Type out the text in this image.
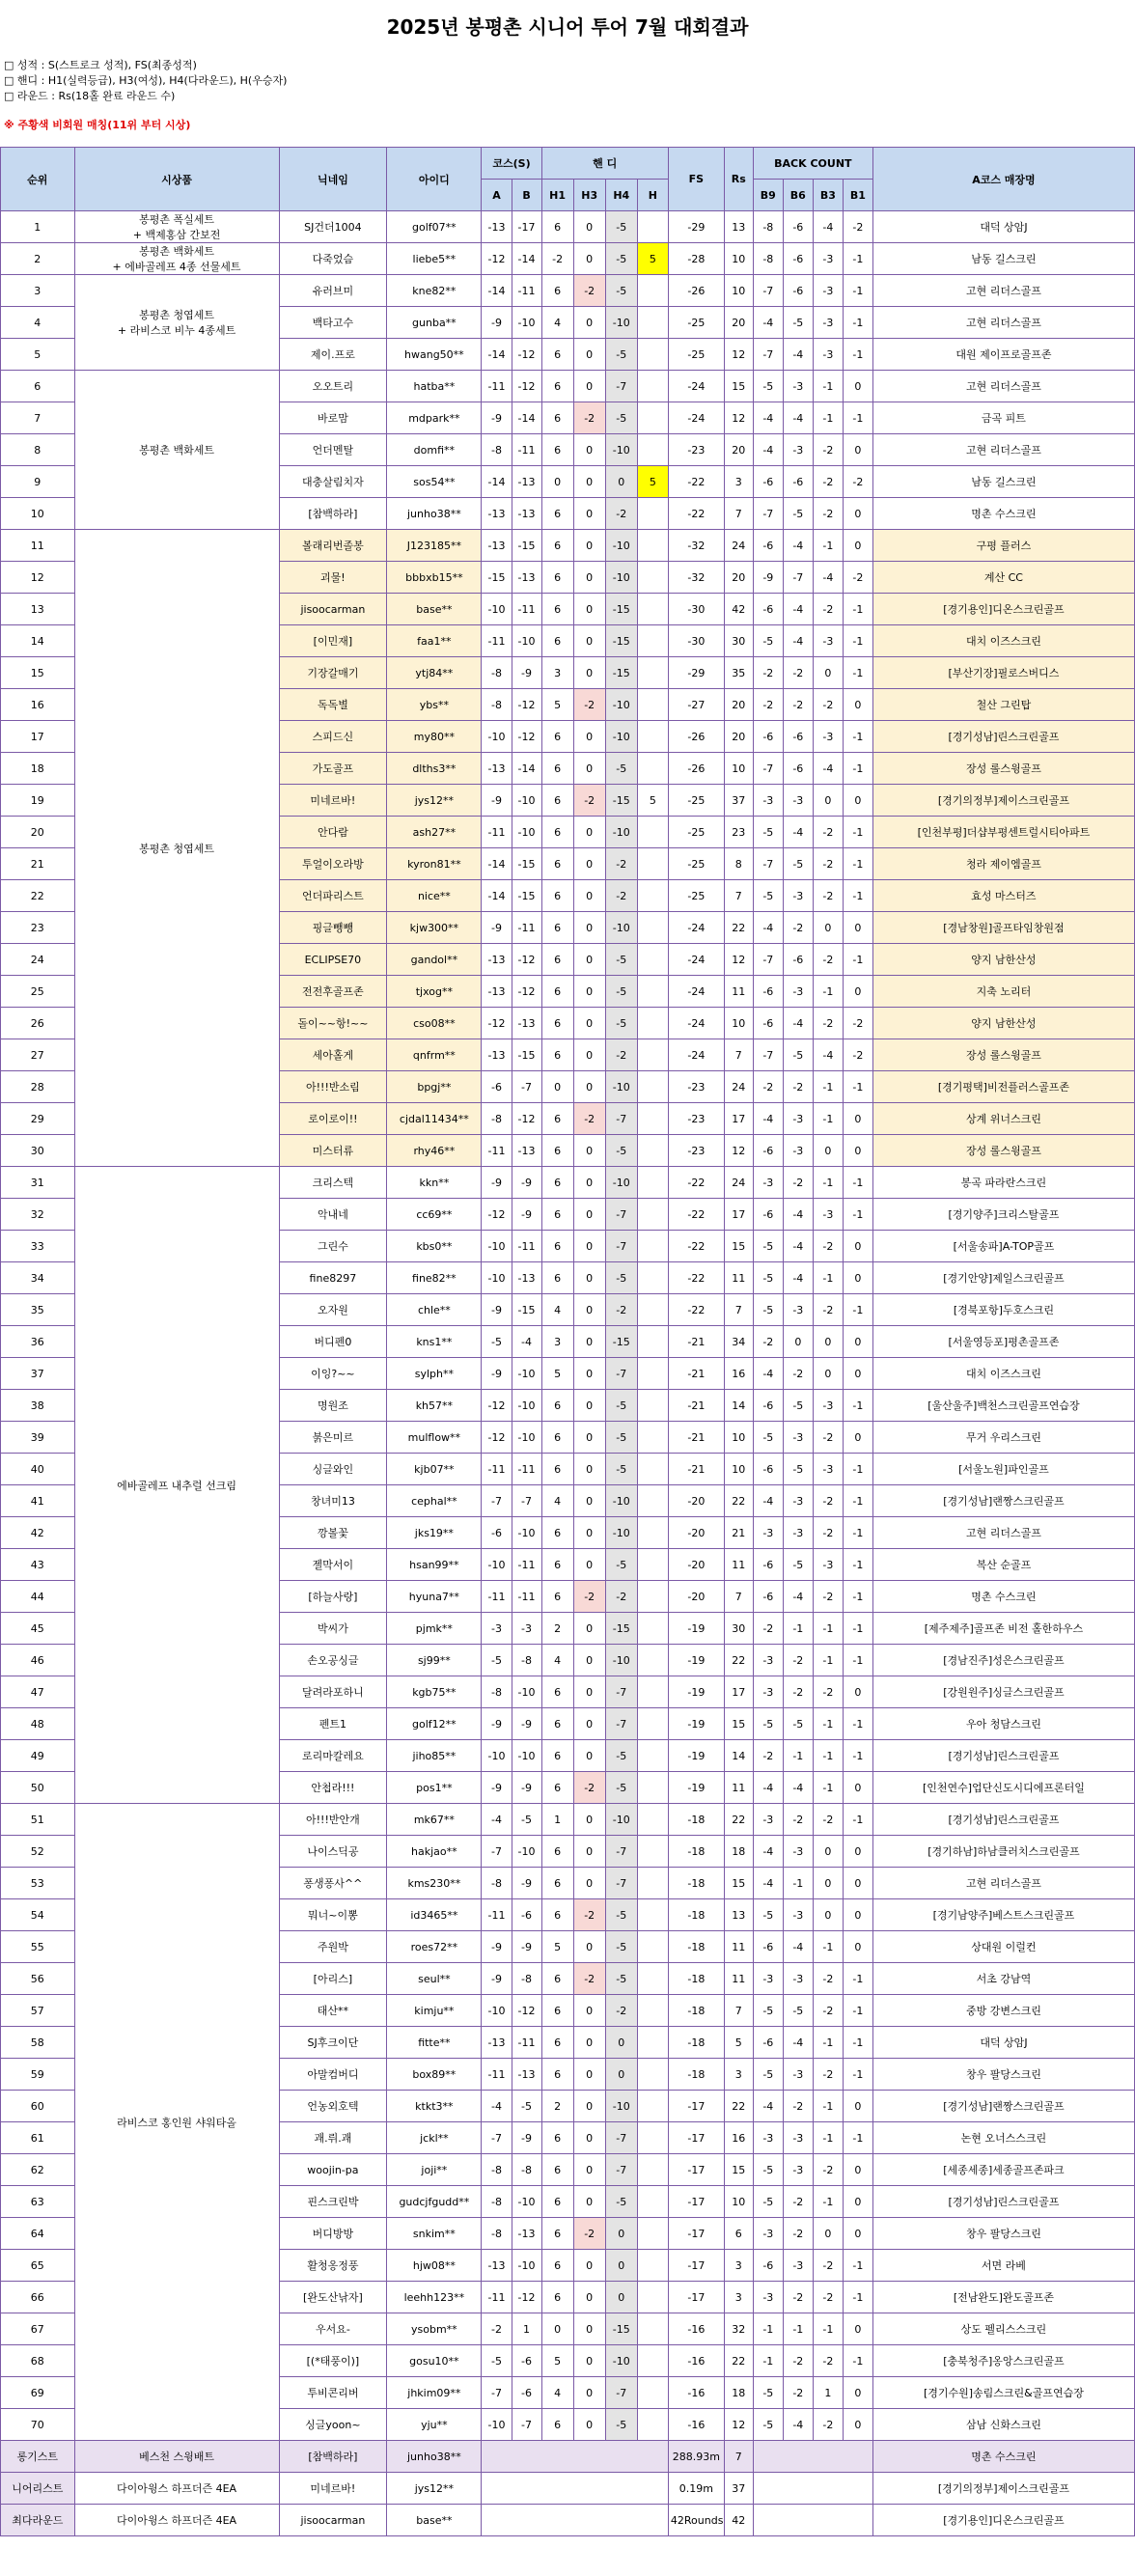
2025년 봉평촌 시니어 투어 7월 대회결과
□ 성적 : S(스트로크 성적), FS(최종성적)
□ 핸디 : H1(실력등급), H3(여성), H4(다라운드), H(우승자)
□ 라운드 : Rs(18홀 완료 라운드 수)
※ 주황색 비회원 매칭(11위 부터 시상)
순위	시상품	닉네임	아이디	코스(S)		핸 디				FS	Rs	BACK COUNT				A코스 매장명
				A	B	H1	H3	H4	H			B9	B6	B3	B1	
1	봉평촌 폭실세트
+ 백제홍삼 간보전	SJ건더1004	golf07**	-13	-17	6	0	-5		-29	13	-8	-6	-4	-2	대덕 상암J
2	봉평촌 백화세트
+ 에바골레프 4종 선물세트	다죽었슴	liebe5**	-12	-14	-2	0	-5	5	-28	10	-8	-6	-3	-1	남동 길스크린
3	봉평촌 청엽세트
+ 라비스코 비누 4종세트	유러브미	kne82**	-14	-11	6	-2	-5		-26	10	-7	-6	-3	-1	고현 리더스골프
4		백타고수	gunba**	-9	-10	4	0	-10		-25	20	-4	-5	-3	-1	고현 리더스골프
5		제이.프로	hwang50**	-14	-12	6	0	-5		-25	12	-7	-4	-3	-1	대원 제이프로골프존
6	봉평촌 백화세트	오오트리	hatba**	-11	-12	6	0	-7		-24	15	-5	-3	-1	0	고현 리더스골프
7		바로맘	mdpark**	-9	-14	6	-2	-5		-24	12	-4	-4	-1	-1	금곡 피트
8		언더멘탈	domfi**	-8	-11	6	0	-10		-23	20	-4	-3	-2	0	고현 리더스골프
9		대충살림치자	sos54**	-14	-13	0	0	0	5	-22	3	-6	-6	-2	-2	남동 길스크린
10		[참백하라]	junho38**	-13	-13	6	0	-2		-22	7	-7	-5	-2	0	명촌 수스크린
11	봉평촌 청엽세트	볼래리번졸봉	J123185**	-13	-15	6	0	-10		-32	24	-6	-4	-1	0	구평 플러스
12		괴물!	bbbxb15**	-15	-13	6	0	-10		-32	20	-9	-7	-4	-2	계산 CC
13		jisoocarman	base**	-10	-11	6	0	-15		-30	42	-6	-4	-2	-1	[경기용인]디온스크린골프
14		[이민재]	faa1**	-11	-10	6	0	-15		-30	30	-5	-4	-3	-1	대치 이즈스크린
15		기장갈매기	ytj84**	-8	-9	3	0	-15		-29	35	-2	-2	0	-1	[부산기장]필로스버디스
16		독독별	ybs**	-8	-12	5	-2	-10		-27	20	-2	-2	-2	0	철산 그린탑
17		스피드신	my80**	-10	-12	6	0	-10		-26	20	-6	-6	-3	-1	[경기성남]린스크린골프
18		가도골프	dlths3**	-13	-14	6	0	-5		-26	10	-7	-6	-4	-1	장성 롤스윙골프
19		미네르바!	jys12**	-9	-10	6	-2	-15	5	-25	37	-3	-3	0	0	[경기의정부]제이스크린골프
20		안다람	ash27**	-11	-10	6	0	-10		-25	23	-5	-4	-2	-1	[인천부평]더샵부평센트럴시티아파트
21		투얼이오라방	kyron81**	-14	-15	6	0	-2		-25	8	-7	-5	-2	-1	청라 제이엠골프
22		언더파리스트	nice**	-14	-15	6	0	-2		-25	7	-5	-3	-2	-1	효성 마스터즈
23		핑글뺑뺑	kjw300**	-9	-11	6	0	-10		-24	22	-4	-2	0	0	[경남창원]골프타임창원점
24		ECLIPSE70	gandol**	-13	-12	6	0	-5		-24	12	-7	-6	-2	-1	양지 남한산성
25		전전후골프존	tjxog**	-13	-12	6	0	-5		-24	11	-6	-3	-1	0	지축 노리터
26		돌이~~항!~~	cso08**	-12	-13	6	0	-5		-24	10	-6	-4	-2	-2	양지 남한산성
27		세아홀게	qnfrm**	-13	-15	6	0	-2		-24	7	-7	-5	-4	-2	장성 롤스윙골프
28		아!!!반소림	bpgj**	-6	-7	0	0	-10		-23	24	-2	-2	-1	-1	[경기평택]비전플러스골프존
29		로이로이!!	cjdal11434**	-8	-12	6	-2	-7		-23	17	-4	-3	-1	0	상계 위너스크린
30		미스터류	rhy46**	-11	-13	6	0	-5		-23	12	-6	-3	0	0	장성 롤스윙골프
31	에바골레프 내추럴 선크림	크리스텍	kkn**	-9	-9	6	0	-10		-22	24	-3	-2	-1	-1	봉곡 파라란스크린
32		악내네	cc69**	-12	-9	6	0	-7		-22	17	-6	-4	-3	-1	[경기양주]크리스탈골프
33		그린수	kbs0**	-10	-11	6	0	-7		-22	15	-5	-4	-2	0	[서울송파]A-TOP골프
34		fine8297	fine82**	-10	-13	6	0	-5		-22	11	-5	-4	-1	0	[경기안양]제일스크린골프
35		오자원	chle**	-9	-15	4	0	-2		-22	7	-5	-3	-2	-1	[경북포항]두호스크린
36		버디펜0	kns1**	-5	-4	3	0	-15		-21	34	-2	0	0	0	[서울영등포]평촌골프존
37		이잉?~~	sylph**	-9	-10	5	0	-7		-21	16	-4	-2	0	0	대치 이즈스크린
38		명원조	kh57**	-12	-10	6	0	-5		-21	14	-6	-5	-3	-1	[울산울주]백천스크린골프연습장
39		붉은미르	mulflow**	-12	-10	6	0	-5		-21	10	-5	-3	-2	0	무거 우리스크린
40		싱글와인	kjb07**	-11	-11	6	0	-5		-21	10	-6	-5	-3	-1	[서울노원]파인골프
41		창녀미13	cephal**	-7	-7	4	0	-10		-20	22	-4	-3	-2	-1	[경기성남]랜짱스크린골프
42		깡볼꽃	jks19**	-6	-10	6	0	-10		-20	21	-3	-3	-2	-1	고현 리더스골프
43		젤막서이	hsan99**	-10	-11	6	0	-5		-20	11	-6	-5	-3	-1	복산 순골프
44		[하늘사랑]	hyuna7**	-11	-11	6	-2	-2		-20	7	-6	-4	-2	-1	명촌 수스크린
45		박씨가	pjmk**	-3	-3	2	0	-15		-19	30	-2	-1	-1	-1	[제주제주]골프존 비전 홀한하우스
46		손오공싱글	sj99**	-5	-8	4	0	-10		-19	22	-3	-2	-1	-1	[경남진주]성은스크린골프
47		달려라포하니	kgb75**	-8	-10	6	0	-7		-19	17	-3	-2	-2	0	[강원원주]싱글스크린골프
48		펜트1	golf12**	-9	-9	6	0	-7		-19	15	-5	-5	-1	-1	우아 청담스크린
49		로리마칼레요	jiho85**	-10	-10	6	0	-5		-19	14	-2	-1	-1	-1	[경기성남]린스크린골프
50		안첩라!!!	pos1**	-9	-9	6	-2	-5		-19	11	-4	-4	-1	0	[인천연수]업단신도시디에프론터일
51	라비스코 홍인원 샤워타올	아!!!반안개	mk67**	-4	-5	1	0	-10		-18	22	-3	-2	-2	-1	[경기성남]린스크린골프
52		나이스딕공	hakjao**	-7	-10	6	0	-7		-18	18	-4	-3	0	0	[경기하남]하남클러치스크린골프
53		퐁생퐁사^^	kms230**	-8	-9	6	0	-7		-18	15	-4	-1	0	0	고현 리더스골프
54		뭐너~이뽕	id3465**	-11	-6	6	-2	-5		-18	13	-5	-3	0	0	[경기남양주]베스트스크린골프
55		주원박	roes72**	-9	-9	5	0	-5		-18	11	-6	-4	-1	0	상대원 이럴컨
56		[아리스]	seul**	-9	-8	6	-2	-5		-18	11	-3	-3	-2	-1	서초 강남역
57		태산**	kimju**	-10	-12	6	0	-2		-18	7	-5	-5	-2	-1	중방 강변스크린
58		SJ후크이단	fitte**	-13	-11	6	0	0		-18	5	-6	-4	-1	-1	대덕 상암J
59		아말컴버디	box89**	-11	-13	6	0	0		-18	3	-5	-3	-2	-1	창우 팔당스크린
60		언농외호텍	ktkt3**	-4	-5	2	0	-10		-17	22	-4	-2	-1	0	[경기성남]랜짱스크린골프
61		괘.뤼.괘	jckl**	-7	-9	6	0	-7		-17	16	-3	-3	-1	-1	논현 오너스스크린
62		woojin-pa	joji**	-8	-8	6	0	-7		-17	15	-5	-3	-2	0	[세종세종]세종골프존파크
63		핀스크린박	gudcjfgudd**	-8	-10	6	0	-5		-17	10	-5	-2	-1	0	[경기성남]린스크린골프
64		버디방방	snkim**	-8	-13	6	-2	0		-17	6	-3	-2	0	0	창우 팔당스크린
65		활청옹정풍	hjw08**	-13	-10	6	0	0		-17	3	-6	-3	-2	-1	서면 라베
66		[완도산낚자]	leehh123**	-11	-12	6	0	0		-17	3	-3	-2	-2	-1	[전남완도]완도골프존
67		우서요-	ysobm**	-2	1	0	0	-15		-16	32	-1	-1	-1	0	상도 펠리스스크린
68		[(*태풍이)]	gosu10**	-5	-6	5	0	-10		-16	22	-1	-2	-2	-1	[충북청주]옹앙스크린골프
69		투비콘리버	jhkim09**	-7	-6	4	0	-7		-16	18	-5	-2	1	0	[경기수원]송림스크린&골프연습장
70		싱글yoon~	yju**	-10	-7	6	0	-5		-16	12	-5	-4	-2	0	삼남 신화스크린
롱기스트	베스천 스윙배트	[참백하라]	junho38**							288.93m	7					명촌 수스크린
니어리스트	다이아윙스 하프더즌 4EA	미네르바!	jys12**							0.19m	37					[경기의정부]제이스크린골프
최다라운드	다이아윙스 하프더즌 4EA	jisoocarman	base**							42Rounds	42					[경기용인]디온스크린골프
